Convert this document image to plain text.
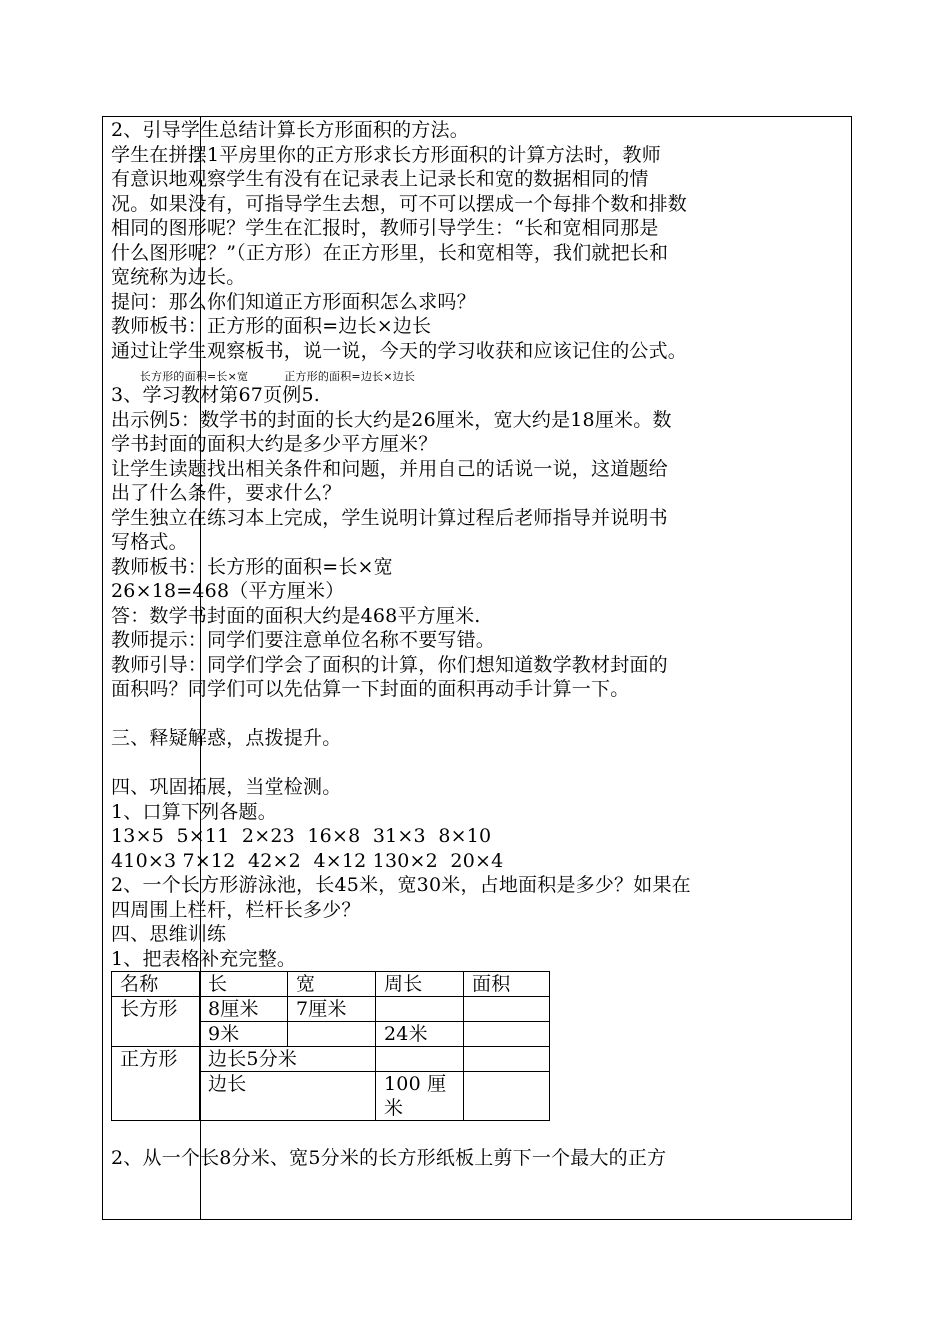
2、引导学生总结计算长方形面积的方法。

学生在拼摆1平房里你的正方形求长方形面积的计算方法时，教师

有意识地观察学生有没有在记录表上记录长和宽的数据相同的情

况。如果没有，可指导学生去想，可不可以摆成一个每排个数和排数

相同的图形呢？学生在汇报时，教师引导学生：“长和宽相同那是

什么图形呢？”（正方形）在正方形里，长和宽相等，我们就把长和

宽统称为边长。

提问：那么你们知道正方形面积怎么求吗？

教师板书：正方形的面积=边长×边长

通过让学生观察板书，说一说，今天的学习收获和应该记住的公式。

长方形的面积=长×宽	正方形的面积=边长×边长

3、学习教材第67页例5.

出示例5：数学书的封面的长大约是26厘米，宽大约是18厘米。数

学书封面的面积大约是多少平方厘米？

让学生读题找出相关条件和问题，并用自己的话说一说，这道题给

出了什么条件，要求什么？

学生独立在练习本上完成，学生说明计算过程后老师指导并说明书

写格式。

教师板书：长方形的面积=长×宽

26×18=468（平方厘米）

答：数学书封面的面积大约是468平方厘米.

教师提示：同学们要注意单位名称不要写错。

教师引导：同学们学会了面积的计算，你们想知道数学教材封面的

面积吗？同学们可以先估算一下封面的面积再动手计算一下。

三、释疑解惑，点拨提升。

四、巩固拓展，当堂检测。

1、口算下列各题。

13×5  5×11  2×23  16×8  31×3  8×10

410×3 7×12  42×2  4×12 130×2  20×4

2、一个长方形游泳池，长45米，宽30米，占地面积是多少？如果在

四周围上栏杆，栏杆长多少？

四、思维训练

1、把表格补充完整。

名称	长	宽	周长	面积
长方形	8厘米	7厘米		
	9米		24米	
正方形	边长5分米			
	边长		100 厘
米	

2、从一个长8分米、宽5分米的长方形纸板上剪下一个最大的正方
